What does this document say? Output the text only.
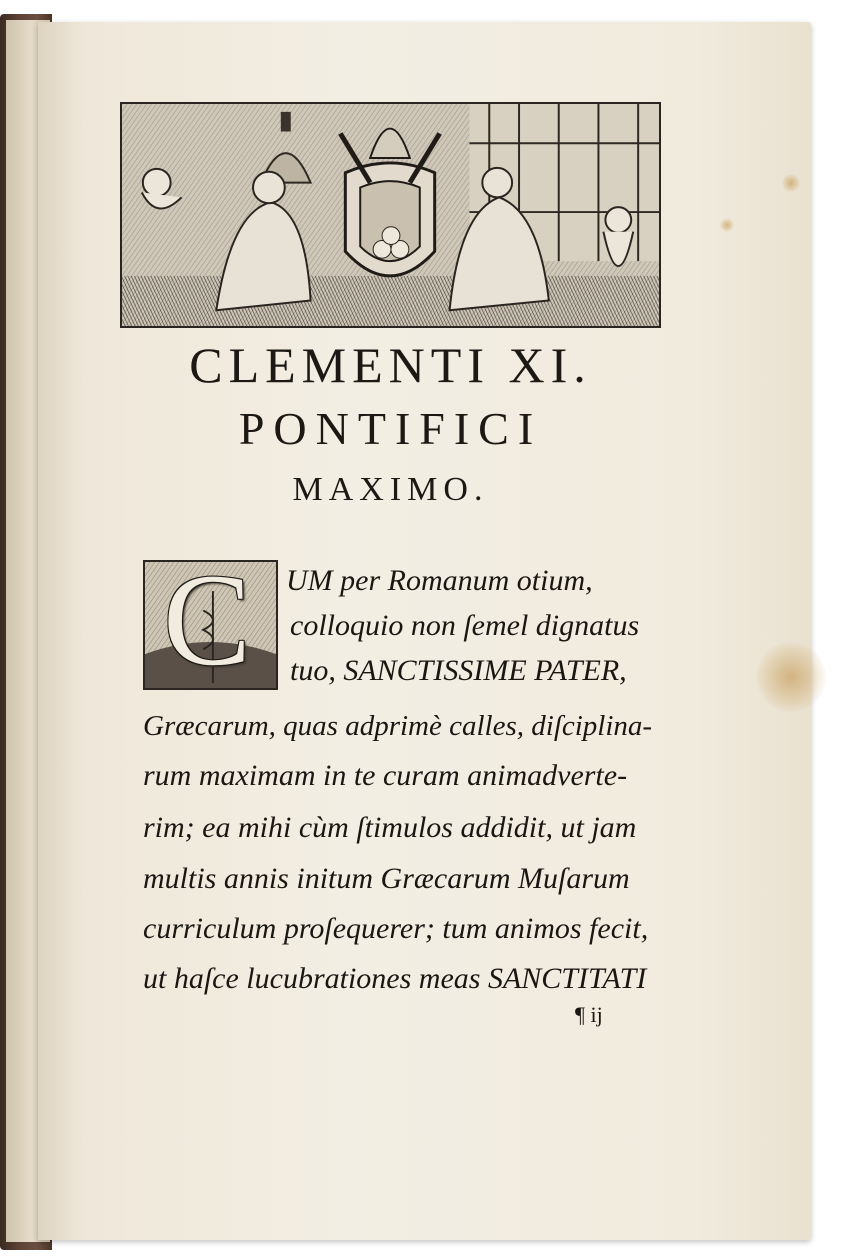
CLEMENTI XI.
PONTIFICI
MAXIMO.
C UM per Romanum otium,
colloquio non ſemel dignatus
tuo, SANCTISSIME PATER,
Græcarum, quas adprimè calles, diſciplina-
rum maximam in te curam animadverte-
rim; ea mihi cùm ſtimulos addidit, ut jam
multis annis initum Græcarum Muſarum
curriculum proſequerer; tum animos fecit,
ut haſce lucubrationes meas SANCTITATI
¶ ij
